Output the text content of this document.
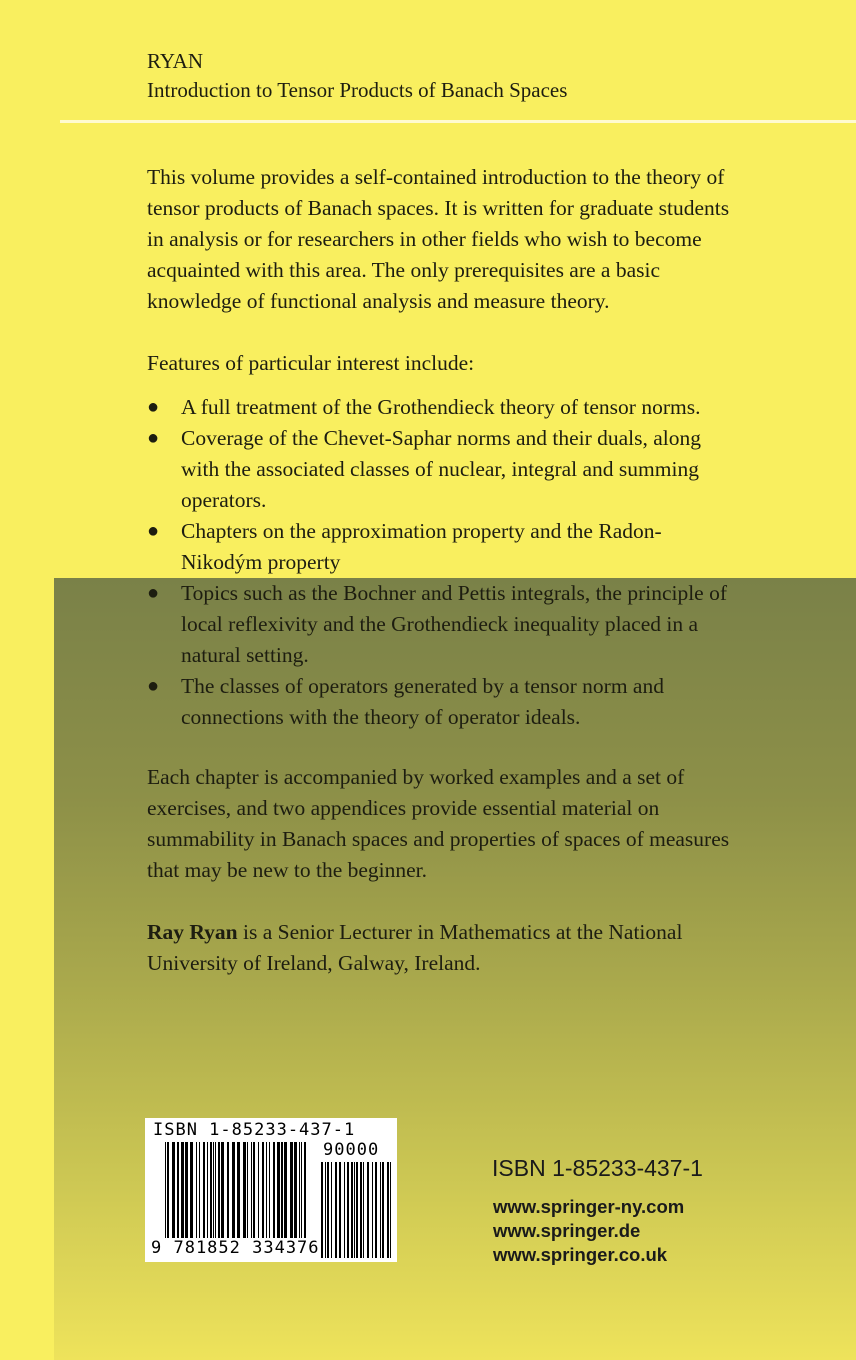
RYAN
Introduction to Tensor Products of Banach Spaces

This volume provides a self-contained introduction to the theory of tensor products of Banach spaces. It is written for graduate students in analysis or for researchers in other fields who wish to become acquainted with this area. The only prerequisites are a basic knowledge of functional analysis and measure theory.

Features of particular interest include:

● A full treatment of the Grothendieck theory of tensor norms.
● Coverage of the Chevet-Saphar norms and their duals, along with the associated classes of nuclear, integral and summing operators.
● Chapters on the approximation property and the Radon-Nikodým property
● Topics such as the Bochner and Pettis integrals, the principle of local reflexivity and the Grothendieck inequality placed in a natural setting.
● The classes of operators generated by a tensor norm and connections with the theory of operator ideals.

Each chapter is accompanied by worked examples and a set of exercises, and two appendices provide essential material on summability in Banach spaces and properties of spaces of measures that may be new to the beginner.

Ray Ryan is a Senior Lecturer in Mathematics at the National University of Ireland, Galway, Ireland.

ISBN 1-85233-437-1
90000
9 781852 334376
ISBN 1-85233-437-1
www.springer-ny.com
www.springer.de
www.springer.co.uk
